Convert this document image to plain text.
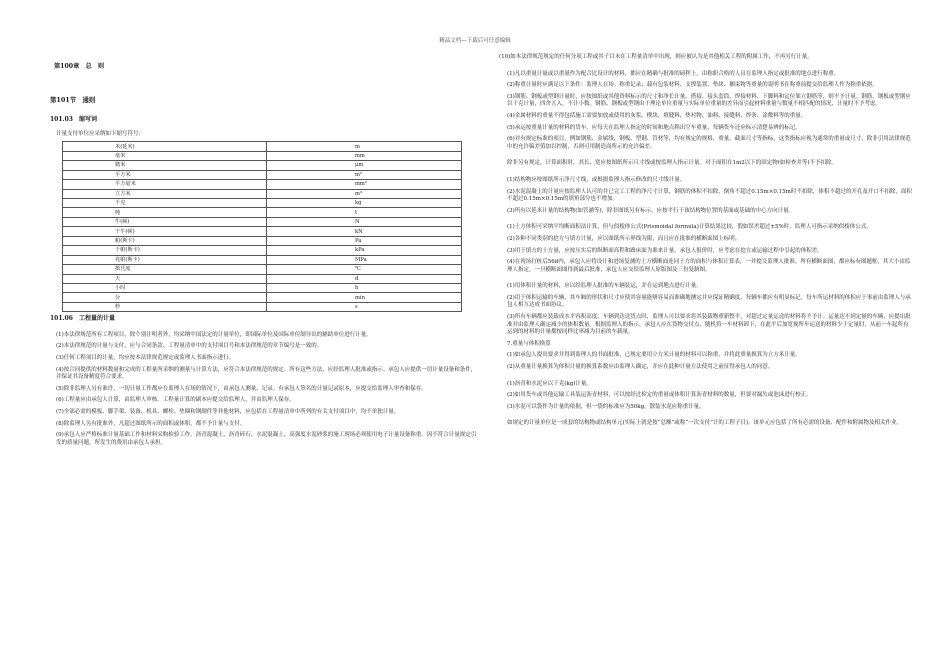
精品文档---下载后可任意编辑
第100章　总　则
第101节　通则
101.03　缩写词
计量支付单位应采纳如下缩写符号：
米(延米)	m
毫米	mm
微米	μm
平方米	m²
平方毫米	mm²
立方米	m³
千克	kg
吨	t
牛(顿)	N
千牛(顿)	kN
帕(斯卡)	Pa
千帕(斯卡)	kPa
兆帕(斯卡)	MPa
摄氏度	℃
天	d
小时	h
分	min
秒	s
101.06　工程量的计量
(1)本法律规范所有工程项目，除个别注明者外，均采纳中国法定的计量单位，即国际单位及国际单位制导出的辅助单位进行计量。
(2)本法律规范的计量与支付，应与合同条款、工程量清单中的支付项目号和本法律规范的章节编号是一致的。
(3)任何工程项目的计量，均应按本法律规范规定或监理人书面指示进行。
(4)按合同提供的材料数量和完成的工程量所采纳的测量与计算方法，应符合本法律规范的规定。所有这些方法，应经监理人批准或指示。承包人应提供一切计量设备和条件，并保证其设备精度符合要求。
(5)除非监理人另有准许，一切计量工作都应在监理人在场的情况下，由承包人测量、记录。有承包人签名的计量记录原本，应提交给监理人审查和保存。
(6)工程量应由承包人计算，由监理人审核。工程量计算的副本应提交给监理人，并由监理人保存。
(7)全部必需的模板、脚手架、装备、机具、螺栓、垫圈和钢制件等其他材料，应包括在工程量清单中所列的有关支付项目中，均不单独计量。
(8)除监理人另有批准外，凡超过图纸所示的面积或体积，都不予计量与支付。
(9)承包人应严格标准计量基础工作和材料采购检验工作。沥青混凝土、沥青碎石、水泥混凝土、高强度水泥砂浆的施工现场必须使用电子计量设备称重。因不符合计量规定引发的质量问题，所发生的费用由承包人承担。
(10)如本法律规范规定的任何分项工程或其子目未在工程量清单中出现，则应被认为是其他相关工程的附属工作，不再另行计量。
(1)凡以重量计量或以重量作为配合比设计的材料，都应在精确与批准的磅秤上，由称职合格的人员在监理人指定或批准的地点进行称重。
(2)称重计量时应满足以下条件：监理人在场；称重记录；载有包装材料、支撑装置、垫块、捆束物等重量的说明书在称重前提交给监理人作为称重依据。
(3)钢筋、钢板或型钢计量时，应按图纸或其他资料标示的尺寸和净长计量。搭接、接头套筒、焊接材料、下脚料和定位架立钢筋等，则不予计量。钢筋、钢板或型钢应以千克计量，四舍五入，不计小数。钢筋、钢板或型钢由于理论单位重量与实际单位重量的差异而引起材料重量与数量不相匹配的情况，计量时不予考虑。
(4)金属材料的重量不得包括施工需要加放或使用的灰浆、楔块、填缝料、垫衬物、油料、接缝料、焊条、涂敷料等的重量。
(5)承运按重量计量的材料的货车，应每天在监理人指定的时间和地点称出空车重量，每辆货车还应标示清楚易辨的标记。
(6)对有规定标准的项目，例如钢筋、金属线、钢板、型钢、管材等，均有规定的规格、重量、截面尺寸等指标，这类指标应视为通常的重量或尺寸；除非引用法律规范中的允许偏差值加以控制，否则可用制造商所示的允许偏差。
除非另有规定，计算面积时，其长、宽应按图纸所示尺寸线或按监理人指示计量。对于面积在1m2以下的固定物(如检查井等)不予扣除。
(1)结构物应按图纸所示净尺寸线，或根据监理人指示修改的尺寸线计量。
(2)水泥混凝土的计量应按监理人认可的并已完工工程的净尺寸计算，钢筋的体积不扣除，倒角不超过0.15m×0.15m时不扣除，体积不超过的开孔及开口不扣除，面积不超过0.15m×0.15m的填角部分也不增加。
(3)所有以延米计量的结构物(如管涵等)，除非图纸另有标示，应按平行于该结构物位置的基面或基础的中心方向计量。
(1)土方体积可采纳平均断面积法计算，但与似棱体公式(Prismoidal formula)计算结果比较，假如误差超过±5%时，监理人可指示采纳似棱体公式。
(2)各种不同类别的挖方与填方计量，应以图纸所示界线为限，而且应在批准的横断面图上标明。
(3)用于填方的土方量，应按压实后的纵断面高程和路床面为准来计量。承包人报价时，应考虑在挖方或运输过程中引起的体积差。
(4)在现场打桩后56d内，承包人应将设计和进场复测的土方横断面连同土方的面积与体积计算表，一并提交监理人批准。所有横断面图，都应标有图题框，其大小由监理人指定，一旦横断面图得到最后批准，承包人应交给监理人原版图及三份复制图。
(1)用体积计量的材料，应以经监理人批准的车辆装运，并在运到地点进行计量。
(2)用于体积运输的车辆，其车厢的形状和尺寸应使其容量能够容易而准确地测定并应保证精确度。每辆车都应有明显标记。每车所运材料的体积应于事前由监理人与承包人相互达成书面协议。
(3)所有车辆都应装载成水平容积高度，车辆到达送货点时，监理人可以要求将其装载物重新整平，对超过定量运送的材料将不予计。运量达不到定量的车辆，应提出批准并由监理人确定减少的体积数量。根据监理人的指示，承包人应在货物交付点，随机将一车材料卸下，在此平后加宽视所车运送的材料少于定量时，从前一车起所有运到的材料的计量都按同样比率减为目前的车载量。
7.重量与体积换算
(1)如承包人提出要求并得到监理人的书面批准，已规定要用立方米计量的材料可以称重，并将此重量换算为立方米计量。
(2)从重量计量换算为体积计量的换算系数应由监理人确定，并应在此种计量方法使用之前征得承包人的同意。
(1)沥青和水泥应以千克(kg)计量。
(2)如用货车或其他运输工具装运沥青材料，可以按经过检定的重量或体积计算沥青材料的数量，但要对漏失或泡沫进行校正。
(3)水泥可以袋作为计量的依据，但一袋的标准应为50kg，散装水泥应称重计量。
如规定的计量单位是一成套的结构物或结构单元(实际上就是按“总额”或称“一次支付”计的工程子目)，该单元应包括了所有必需的设备、配件和附属物及相关作业。
